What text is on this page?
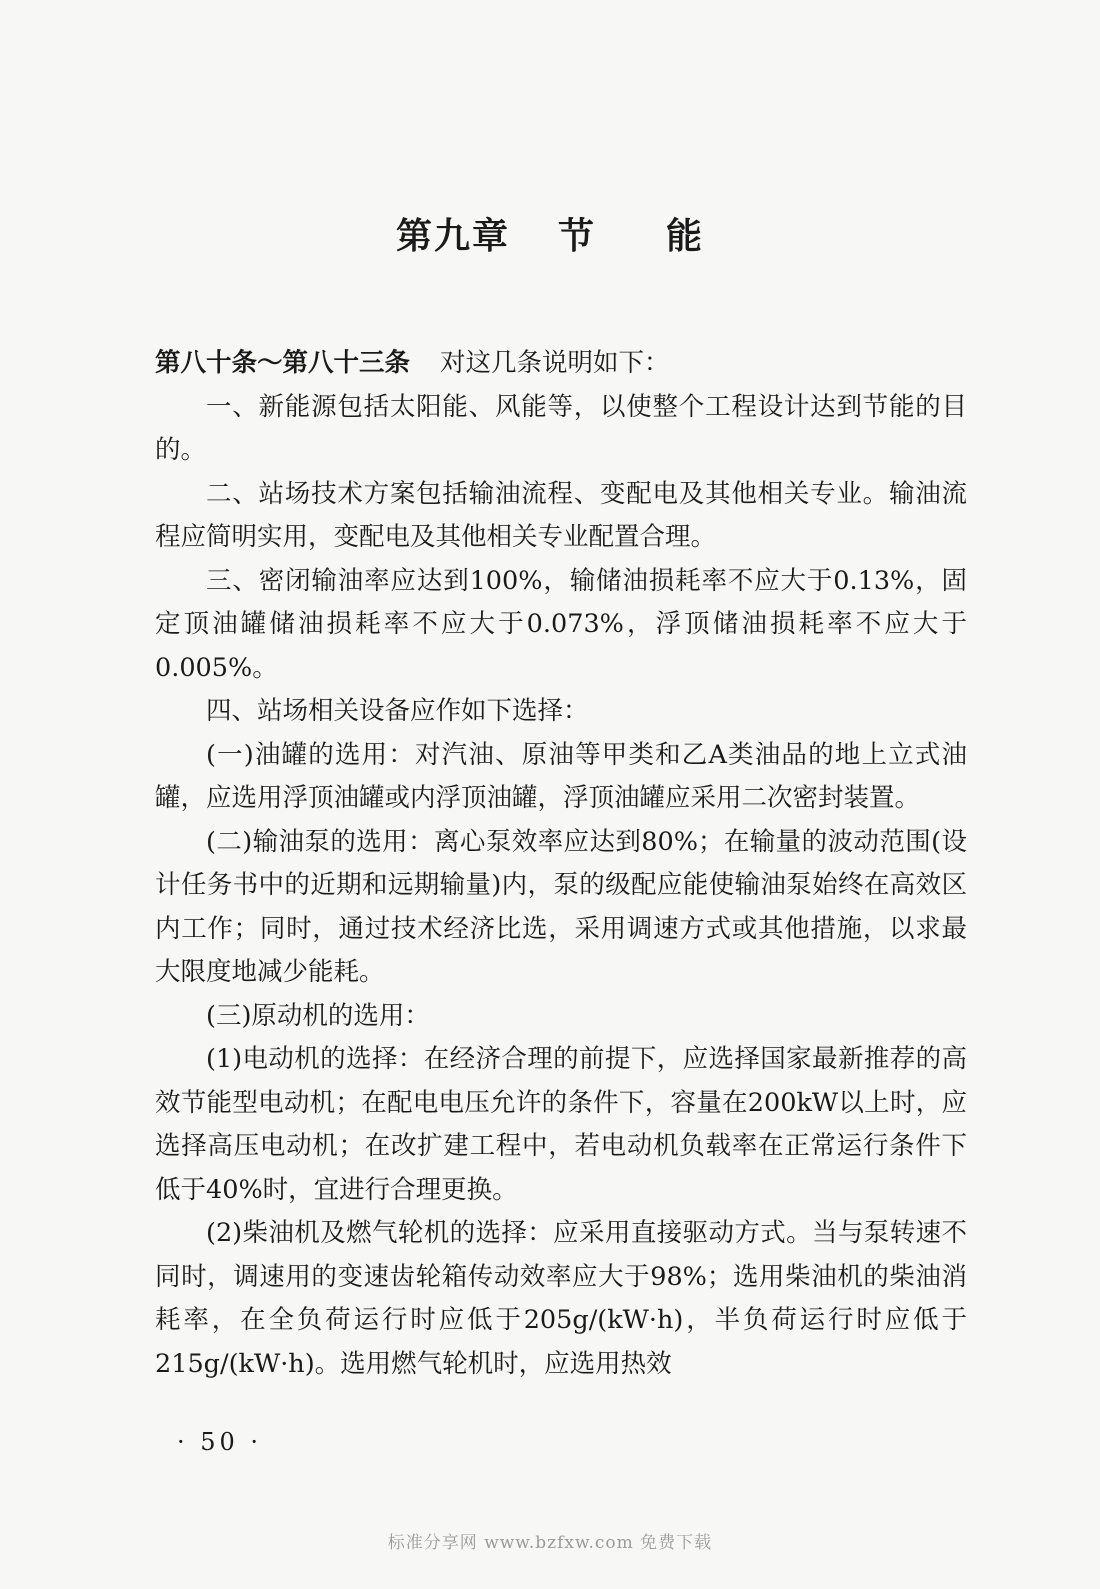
第九章 节 能

第八十条～第八十三条 对这几条说明如下：

一、新能源包括太阳能、风能等，以使整个工程设计达到节能的目的。

二、站场技术方案包括输油流程、变配电及其他相关专业。输油流程应简明实用，变配电及其他相关专业配置合理。

三、密闭输油率应达到100%，输储油损耗率不应大于0.13%，固定顶油罐储油损耗率不应大于0.073%，浮顶储油损耗率不应大于0.005%。

四、站场相关设备应作如下选择：

(一)油罐的选用：对汽油、原油等甲类和乙A类油品的地上立式油罐，应选用浮顶油罐或内浮顶油罐，浮顶油罐应采用二次密封装置。

(二)输油泵的选用：离心泵效率应达到80%；在输量的波动范围(设计任务书中的近期和远期输量)内，泵的级配应能使输油泵始终在高效区内工作；同时，通过技术经济比选，采用调速方式或其他措施，以求最大限度地减少能耗。

(三)原动机的选用：

(1)电动机的选择：在经济合理的前提下，应选择国家最新推荐的高效节能型电动机；在配电电压允许的条件下，容量在200kW以上时，应选择高压电动机；在改扩建工程中，若电动机负载率在正常运行条件下低于40%时，宜进行合理更换。

(2)柴油机及燃气轮机的选择：应采用直接驱动方式。当与泵转速不同时，调速用的变速齿轮箱传动效率应大于98%；选用柴油机的柴油消耗率，在全负荷运行时应低于205g/(kW·h)，半负荷运行时应低于215g/(kW·h)。选用燃气轮机时，应选用热效

· 50 ·
标准分享网 www.bzfxw.com 免费下载
